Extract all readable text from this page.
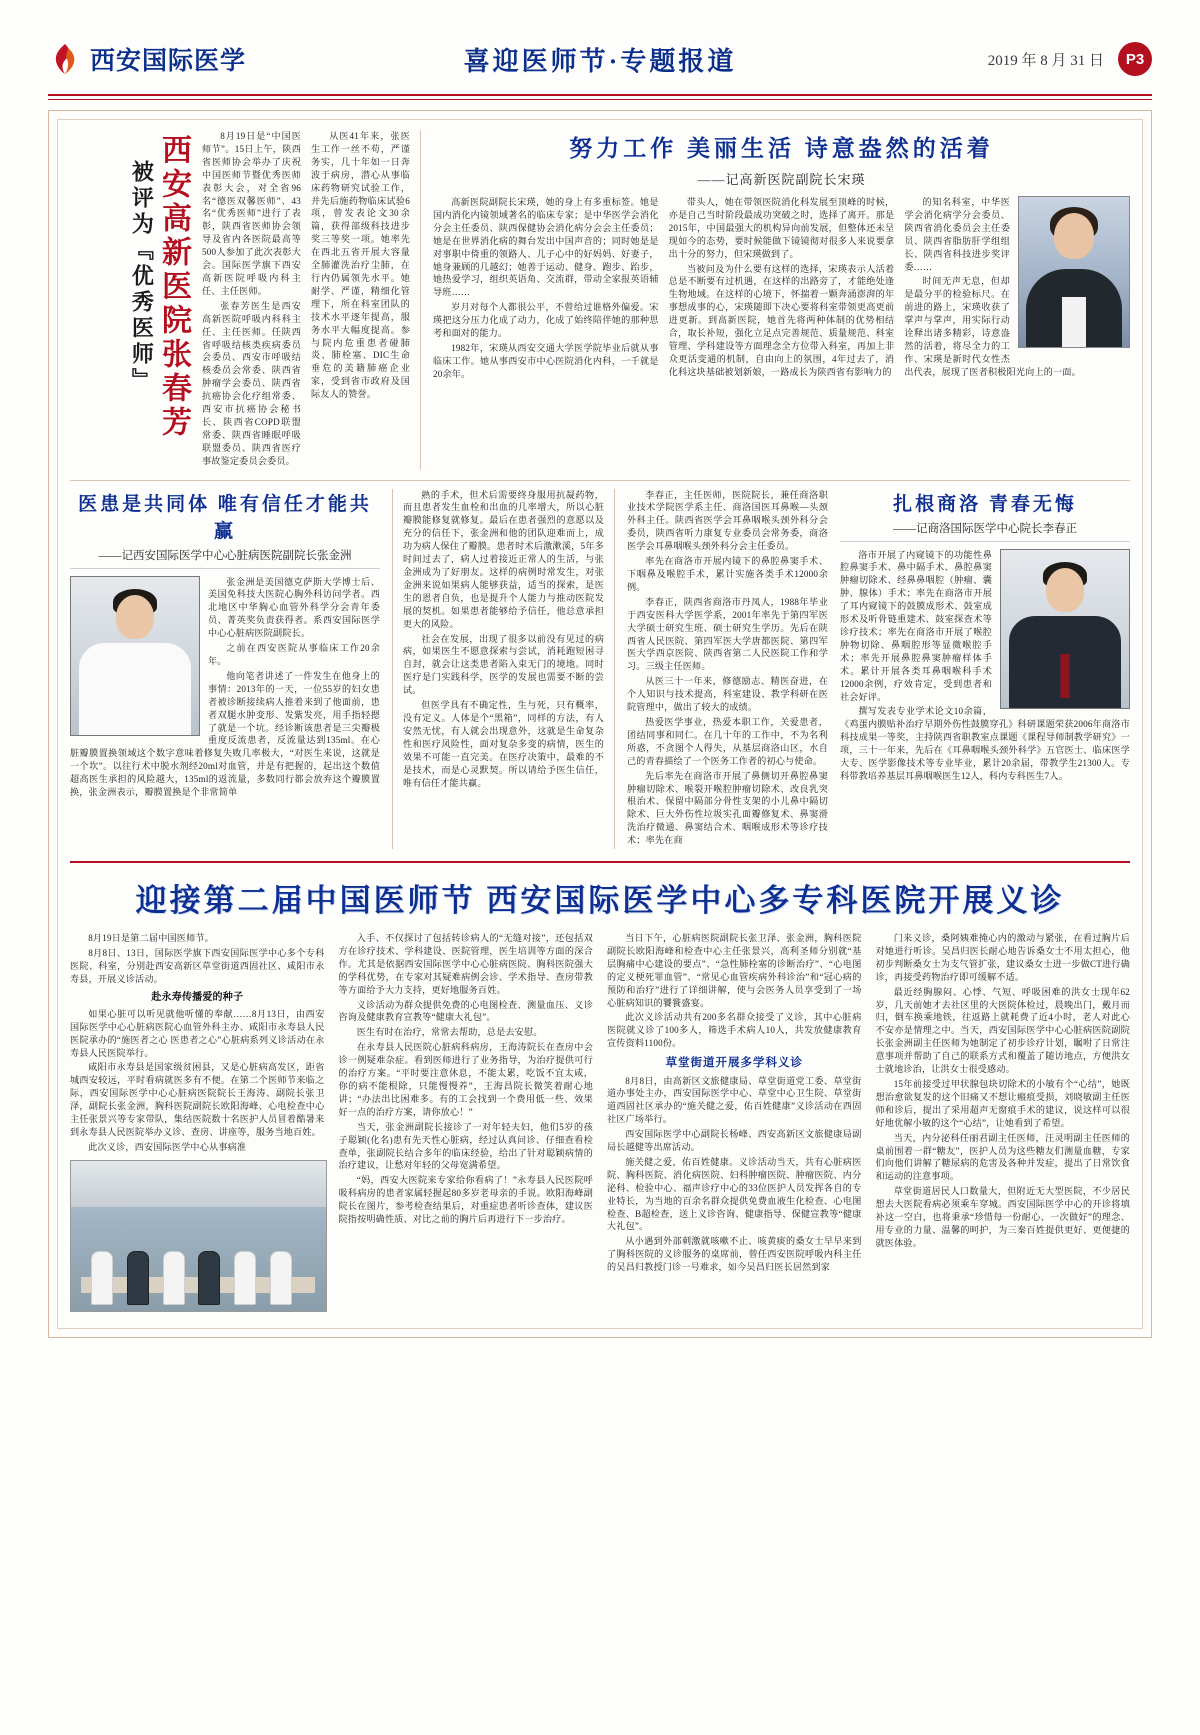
西安国际医学	喜迎医师节·专题报道	2019 年 8 月 31 日	P3
西安高新医院张春芳
被评为『优秀医师』

8月19日是“中国医师节”。15日上午，陕西省医师协会举办了庆祝中国医师节暨优秀医师表彰大会，对全省96名“德医双馨医师”、43名“优秀医师”进行了表彰，陕西省医师协会领导及省内各医院最高等500人参加了此次表彰大会。国际医学旗下西安高新医院呼吸内科主任、主任医师。

张春芳医生是西安高新医院呼吸内科科主任、主任医师。任陕西省呼吸结核类疾病委员会委员、西安市呼吸结核委员会常委、陕西省肿瘤学会委员、陕西省抗癌协会化疗组常委、西安市抗癌协会秘书长、陕西省COPD联盟常委、陕西省睡眠呼吸联盟委员、陕西省医疗事故鉴定委员会委员。

从医41年来，张医生工作一丝不苟，严谨务实，几十年如一日奔波于病房，潜心从事临床药物研究试验工作，并先后施药物临床试验6项，曾发表论文30余篇，获得部级科技进步奖三等奖一项。她率先在西北五省开展大容量全肺灌洗治疗尘肺，在行内仍属领先水平。她耐学、严谨，精细化管理下，所在科室团队的技术水平逐年提高，服务水平大幅度提高。参与院内危重患者碰肺炎、肺栓塞、DIC生命垂危的美籍肺癌企业家，受到省市政府及国际友人的赞誉。

努力工作 美丽生活 诗意盎然的活着
——记高新医院副院长宋瑛

高新医院副院长宋瑛，她的身上有多重标签。她是国内消化内镜领域著名的临床专家；是中华医学会消化分会主任委员、陕西保健协会消化病分会会主任委员；她是在世界消化病的舞台发出中国声音的；同时她是是对事职中倚重的领路人、儿子心中的好妈妈、好妻子，她身兼顾的几越幻；她善于运动、健身、跑步、跆步，她热爱学习，组织英语角、交流群，带动全家报英语辅导班……

岁月对每个人都很公平，不曾给过谁格外偏爱。宋瑛把这分压力化成了动力，化成了始终陪伴她的那种思考和面对的能力。

1982年，宋瑛从西安交通大学医学院毕业后就从事临床工作。她从事西安市中心医院消化内科，一千就是20余年。

带头人，她在带领医院消化科发展至顶峰的时候，亦是自己当时阶段最成功突破之时，选择了离开。那是2015年，中国最强大的机构异向前发展，但整体还未呈现如今的态势，要时候能做下镜镜彻对很多人来说要拿出十分的努力，但宋瑛做到了。

当被问及为什么要有这样的选择，宋瑛表示人活着总是不断要有过机遇，在这样的出路旁了，才能绝处逢生物地域。在这样的心境下，怀揣着一颗奔涌澎湃的年事想成事的心，宋瑛随即下决心要将科室带领更高更前进更新。到高新医院，她首先将两种体制的优势相结合，取长补短，强化立足点完善规范、质量规范、科室管理、学科建设等方面理念全方位带入科室，再加上非众更活变通的机制，自由向上的氛围，4年过去了，消化科这块基础被划新娘，一路成长为陕西省有影响力的

的知名科室，中华医学会消化病学分会委员、陕西省消化委员会主任委员、陕西省脂肪肝学组组长、陕西省科技进步奖评委……

时间无声无息，但却是最分平的检验标尺。在前进的路上，宋瑛收获了掌声与掌声，用实际行动诠释出诸多精彩，诗意盎然的活着，将尽全力的工作、宋瑛是新时代女性杰出代表，展现了医者积极阳光向上的一面。

医患是共同体 唯有信任才能共赢
——记西安国际医学中心心脏病医院副院长张金洲

张金洲是美国德克萨斯大学博士后、美国免科技大医院心胸外科访问学者。西北地区中华胸心血管外科学分会青年委员、菁英奖负责获得者。系西安国际医学中心心脏病医院副院长。

之前在西安医院从事临床工作20余年。

他向笔者讲述了一件发生在他身上的事情：2013年的一天，一位55岁的妇女患者被诊断接续病人推着来到了他面前，患者双腿水肿变形、发紫发亮，用手指轻摁了就是一个坑。经诊断该患者是三尖瓣极重度反流患者，反流量达到135ml。在心脏瓣膜置换领域这个数字意味着修复失败几率极大，“对医生来说，这就是一个坎”。以往行术中脱水剂经20ml对血管，并是有把握的，起出这个数值超高医生承担的风险越大，135ml的返流量，多数同行都会放弃这个瓣膜置换，张金洲表示，瓣膜置换是个非常简单

熟的手术，但术后需要终身服用抗凝药物，而且患者发生血栓和出血的几率增大，所以心脏瓣膜能修复就修复。最后在患者强烈的意愿以及充分的信任下，张金洲和他的团队迎难而上，成功为病人保住了瓣膜。患者时术后激漱溪，5年多时间过去了，病人过着接近正常人的生活，与张金洲成为了好朋友。这样的病例时常发生，对张金洲来说如果病人能够获益，适当的探索，是医生的恩者自负，也是提升个人能力与推动医院发展的契机。如果患者能够给予信任，他总意承担更大的风险。

社会在发展，出现了很多以前没有见过的病病，如果医生不愿意探索与尝试，消耗跑短困寻自封，就会让这类患者陷入束无门的境地。同时医疗是门实践科学，医学的发展也需要不断的尝试。

但医学具有不确定性，生与死，只有概率，没有定义。人体是个“黑箱”，同样的方法，有人安然无忧，有人就会出现意外，这就是生命复杂性和医疗风险性，面对复杂多变的病情，医生的效果不可能一直完美。在医疗决策中，最难的不是技术，而是心灵默契。所以请给予医生信任，唯有信任才能共赢。

李春正，主任医师，医院院长，兼任商洛职业技术学院医学系主任、商洛国医耳鼻喉—头颈外科主任。陕西省医学会耳鼻咽喉头颈外科分会委员，陕西省听力康复专业委员会常务委，商洛医学会耳鼻咽喉头颈外科分会主任委员。

率先在商洛市开展内镜下的鼻腔鼻窦手术、下咽鼻及喉腔手术，累计实施各类手术12000余例。

李春正，陕西省商洛市丹凤人，1988年毕业于西安医科大学医学系，2001年率先于第四军医大学硕士研究生班、硕士研究生学历。先后在陕西省人民医院、第四军医大学唐都医院、第四军医大学西京医院、陕西省第二人民医院工作和学习。三级主任医师。

从医三十一年来，修德励志、精医奋进，在个人知识与技术提高，科室建设、教学科研在医院管理中，做出了较大的成绩。

热爱医学事业，热爱本职工作，关爱患者，团结同事和同仁。在几十年的工作中，不为名利所惑，不贪图个人得失，从基层商洛山区，水自己的青春描绘了一个医务工作者的初心与使命。

先后率先在商洛市开展了鼻侧切开鼻腔鼻窦肿瘤切除术、喉裂开喉腔肿瘤切除术、改良乳突根治术、保留中隔部分骨性支架的小儿鼻中隔切除术、巨大外伤性垃圾实孔面瓣修复术、鼻窦滑洗治疗微通、鼻窦结合术、咽喉成形术等诊疗技术；率先在商

扎根商洛 青春无悔
——记商洛国际医学中心院长李春正

洛市开展了内窥镜下的功能性鼻腔鼻窦手术、鼻中隔手术、鼻腔鼻窦肿瘤切除术、经鼻鼻咽腔（肿瘤、囊肿、腺体）手术；率先在商洛市开展了耳内窥镜下的鼓膜成形术、鼓室成形术及听骨链重建术、鼓室探查术等诊疗技术；率先在商洛市开展了喉腔肿物切除、鼻咽腔形等显微喉腔手术；率先开展鼻腔鼻窦肿瘤样体手术。累计开展各类耳鼻咽喉科手术12000余例，疗效肯定，受到患者和社会好评。

撰写发表专业学术论文10余篇，《鸡蛋内膜贴补治疗早期外伤性鼓膜穿孔》科研课题荣获2006年商洛市科技成果一等奖，主持陕西省职教室点课题《课程导师制教学研究》一项，三十一年来，先后在《耳鼻咽喉头颈外科学》五官医士、临床医学大专、医学影像技术等专业毕业，累计20余届，带教学生21300人。专科带教培养基层耳鼻咽喉医生12人，科内专科医生7人。

迎接第二届中国医师节 西安国际医学中心多专科医院开展义诊

8月19日是第二届中国医师节。

8月8日、13日，国际医学旗下西安国际医学中心多个专科医院、科室，分别赴西安高新区草堂街道西固社区、咸阳市永寿县，开展义诊活动。

赴永寿传播爱的种子

如果心脏可以听见就他听懂的奉献……8月13日，由西安国际医学中心心脏病医院心血管外科主办、咸阳市永寿县人民医院承办的“施医者之心 医患者之心”心脏病系列义诊活动在永寿县人民医院举行。

咸阳市永寿县是国家级贫困县，又是心脏病高发区，距省城西安较远，平时看病就医多有不便。在第二个医师节来临之际，西安国际医学中心心脏病医院院长王海涛、副院长张卫泽，副院长张金洲，胸科医院副院长欧阳海峰、心电检查中心主任张景兴等专家带队，集结医院数十名医护人员冒着酷暑来到永寿县人民医院举办义诊、查房、讲座等，服务当地百姓。

此次义诊，西安国际医学中心从事病准

入手、不仅探讨了包括转诊病人的“无缝对接”，还包括双方在诊疗技术、学科建设、医院管理，医生培训等方面的深合作。尤其是依据西安国际医学中心心脏病医院、胸科医院强大的学科优势，在专家对其疑难病例会诊、学术指导、查房带教等方面给予大力支持，更好地服务百姓。

义诊活动为群众提供免费的心电图检查、测量血压、义诊咨询及健康教育宣教等“健康大礼包”。

医生有时在治疗，常常去帮助，总是去安慰。

在永寿县人民医院心脏病科病房，王海涛院长在查房中会诊一例疑难杂症。看到医师进行了业务指导，为治疗提供可行的治疗方案。“平时要注意休息，不能太累，吃饭不宜太咸，你的病不能根除，只能慢慢养”，王海昌院长微笑着耐心地讲；“办法出比困难多。有的工会找到一个费用低一些、效果好一点的治疗方案，请你放心！”

当天，张金洲副院长接诊了一对年轻夫妇，他们5岁的孩子聪颖(化名)患有先天性心脏病，经过认真问诊、仔细查看检查单，张副院长结合多年的临床经验，给出了针对聪颖病情的治疗建议，让愁对年轻的父母宽满希望。

“妈，西安大医院来专家给你看病了！”永寿县人民医院呼吸科病房的患者家属轻握起80多岁老母亲的手说。欧阳海峰副院长在图片，参考检查结果后，对重症患者听诊查体，建议医院指按明确性质、对比之前的胸片后再进行下一步治疗。

当日下午，心脏病医院副院长张卫泽、张金洲，胸科医院副院长欧阳海峰和检查中心主任张景兴，高利圣师分别就“基层胸痛中心建设的要点”、“急性肺栓塞的诊断治疗”、“心电图的定义梗死罪血管”、“常见心血管疾病外科诊治”和“冠心病的预防和治疗”进行了详细讲解，使与会医务人员享受到了一场心脏病知识的饕餮盛宴。

此次义诊活动共有200多名群众接受了义诊，其中心脏病医院就义诊了100多人，筛选手术病人10人，共发放健康教育宣传资料1100份。

草堂街道开展多学科义诊

8月8日，由高新区文旅健康局、草堂街道党工委、草堂街道办事处主办，西安国际医学中心、草堂中心卫生院、草堂街道西固社区承办的“施关健之爱，佑百姓健康”义诊活动在西固社区广场举行。

西安国际医学中心副院长杨峰、西安高新区文旅健康局副局长越健等出席活动。

施关健之爱，佑百姓健康。义诊活动当天，共有心脏病医院、胸科医院、消化病医院、妇科肿瘤医院、肿瘤医院、内分泌科、检验中心、福声诊疗中心的33位医护人员发挥各自的专业特长，为当地的百余名群众提供免费血液生化检查、心电图检查、B超检查，送上义诊咨询、健康指导、保健宣教等“健康大礼包”。

从小遇到外部刺激就咳嗽不止、咳黄痰的桑女士早早来到了胸科医院的义诊服务的桌席前，曾任西安医院呼吸内科主任的吴昌归教授门诊一号难求，如今吴昌归医长居然到家

门来义诊，桑阿姨难掩心内的激动与紧张，在看过胸片后对她进行听诊。吴昌归医长耐心地告诉桑女士不用太担心，他初步判断桑女士为支气管扩张，建议桑女士进一步做CT进行确诊，再接受药物治疗即可缓解不适。

最近经胸腺闷、心悸、气短、呼吸困难的洪女士现年62岁，几天前她才去社区里的大医院体检过，晨晚出门，戴月而归，倒车换乘地铁，往返路上就耗费了近4小时，老人对此心不安亦是情理之中。当天，西安国际医学中心心脏病医院副院长张金洲副主任医师为她制定了初步诊疗计划，瞩咐了日常注意事项并帮助了自己的联系方式和覆盖了随访地点，方便洪女士就地诊治，让洪女士很受感动。

15年前接受过甲状腺包块切除术的小敏有个“心结”，她既想治愈欲复发的这个旧痛又不想让瘢痕受损，刘晓敏副主任医师和诊后，提出了采用超声无窗痕手术的建议，说这样可以很好地优解小敏的这个“心结”，让她看到了希望。

当天，内分泌科任丽君副主任医师，汪灵明副主任医师的桌前围着一群“糖友”，医护人员为这些糖友们测量血糖，专家们向他们讲解了糖尿病的危害及各种并发症，提出了日常饮食和运动的注意事项。

草堂街道居民人口数量大，但附近无大型医院，不少居民想去大医院看病必须乘车穿城。西安国际医学中心的开诊将填补这一空白，也将秉承“珍惜每一份耐心、一次做好”的理念、用专业的力量、温馨的呵护，为三秦百姓提供更好、更便捷的就医体验。
